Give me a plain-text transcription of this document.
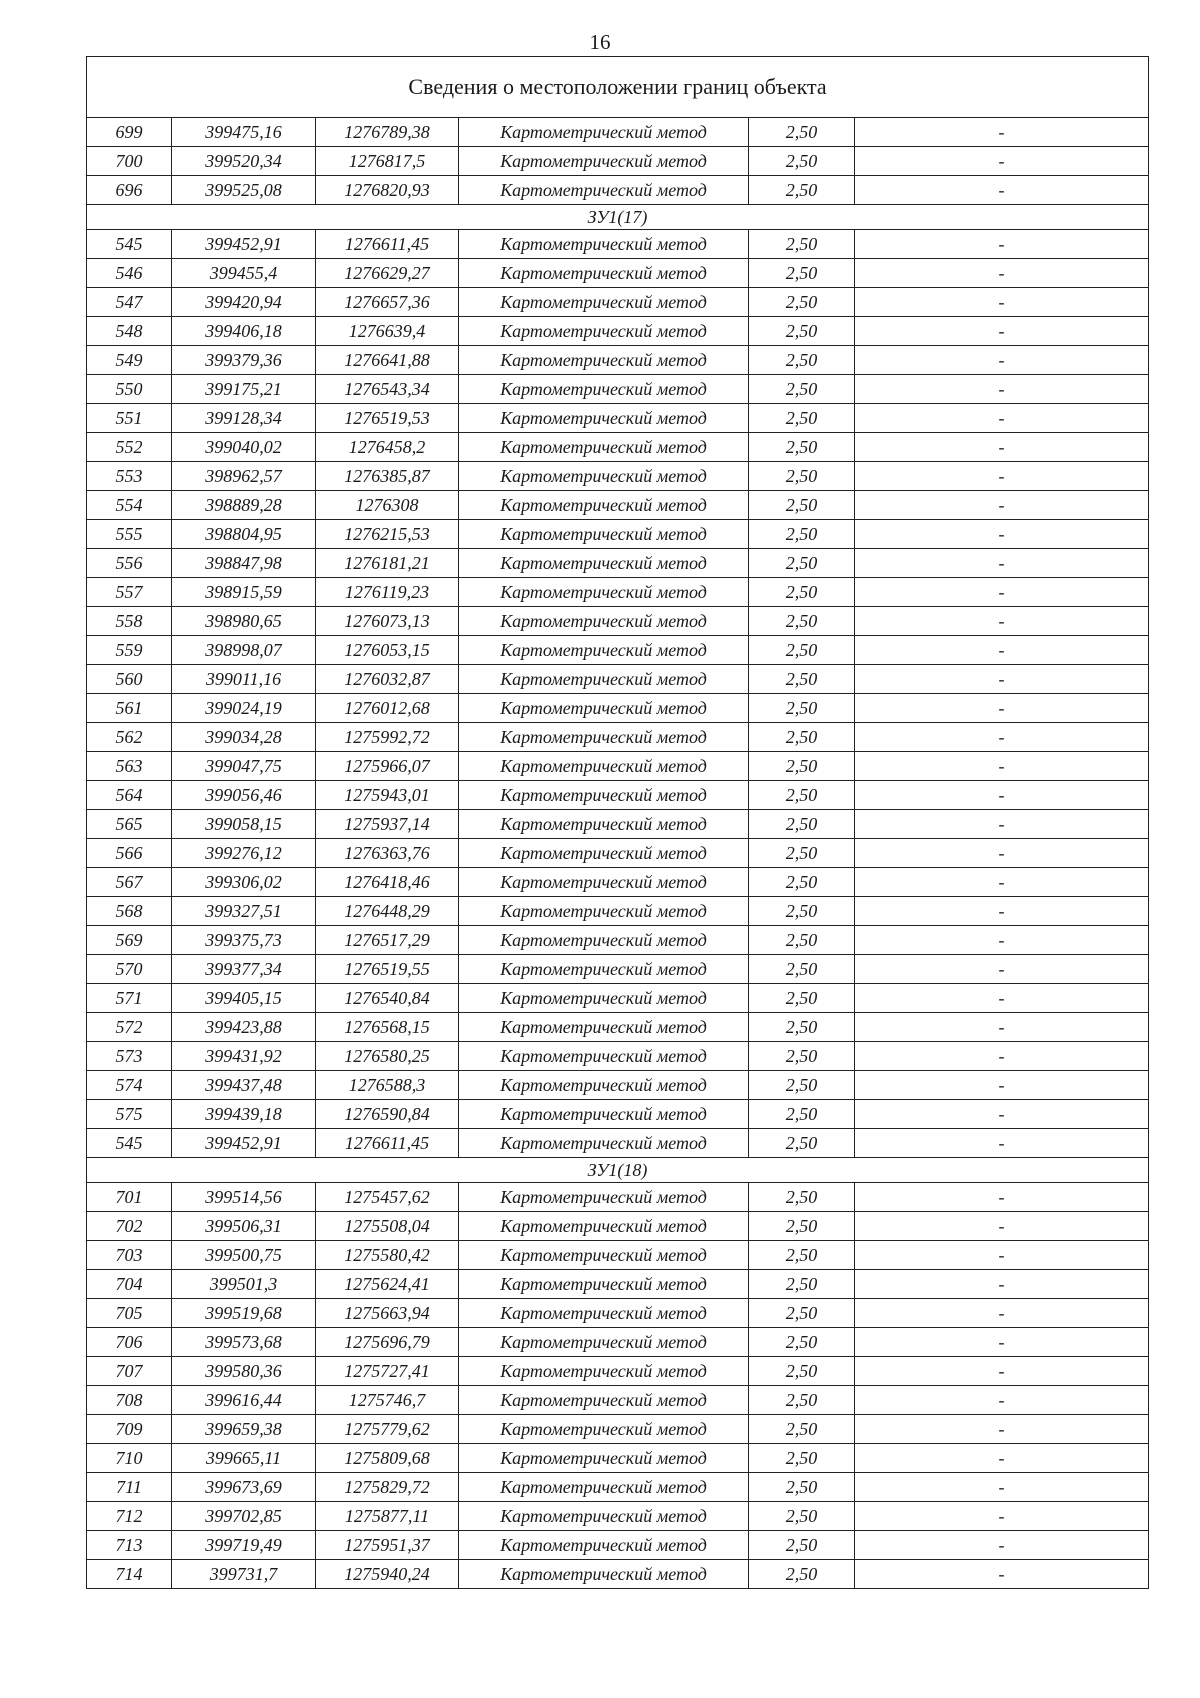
16
Сведения о местоположении границ объекта					
699	399475,16	1276789,38	Картометрический метод	2,50	-
700	399520,34	1276817,5	Картометрический метод	2,50	-
696	399525,08	1276820,93	Картометрический метод	2,50	-
ЗУ1(17)					
545	399452,91	1276611,45	Картометрический метод	2,50	-
546	399455,4	1276629,27	Картометрический метод	2,50	-
547	399420,94	1276657,36	Картометрический метод	2,50	-
548	399406,18	1276639,4	Картометрический метод	2,50	-
549	399379,36	1276641,88	Картометрический метод	2,50	-
550	399175,21	1276543,34	Картометрический метод	2,50	-
551	399128,34	1276519,53	Картометрический метод	2,50	-
552	399040,02	1276458,2	Картометрический метод	2,50	-
553	398962,57	1276385,87	Картометрический метод	2,50	-
554	398889,28	1276308	Картометрический метод	2,50	-
555	398804,95	1276215,53	Картометрический метод	2,50	-
556	398847,98	1276181,21	Картометрический метод	2,50	-
557	398915,59	1276119,23	Картометрический метод	2,50	-
558	398980,65	1276073,13	Картометрический метод	2,50	-
559	398998,07	1276053,15	Картометрический метод	2,50	-
560	399011,16	1276032,87	Картометрический метод	2,50	-
561	399024,19	1276012,68	Картометрический метод	2,50	-
562	399034,28	1275992,72	Картометрический метод	2,50	-
563	399047,75	1275966,07	Картометрический метод	2,50	-
564	399056,46	1275943,01	Картометрический метод	2,50	-
565	399058,15	1275937,14	Картометрический метод	2,50	-
566	399276,12	1276363,76	Картометрический метод	2,50	-
567	399306,02	1276418,46	Картометрический метод	2,50	-
568	399327,51	1276448,29	Картометрический метод	2,50	-
569	399375,73	1276517,29	Картометрический метод	2,50	-
570	399377,34	1276519,55	Картометрический метод	2,50	-
571	399405,15	1276540,84	Картометрический метод	2,50	-
572	399423,88	1276568,15	Картометрический метод	2,50	-
573	399431,92	1276580,25	Картометрический метод	2,50	-
574	399437,48	1276588,3	Картометрический метод	2,50	-
575	399439,18	1276590,84	Картометрический метод	2,50	-
545	399452,91	1276611,45	Картометрический метод	2,50	-
ЗУ1(18)					
701	399514,56	1275457,62	Картометрический метод	2,50	-
702	399506,31	1275508,04	Картометрический метод	2,50	-
703	399500,75	1275580,42	Картометрический метод	2,50	-
704	399501,3	1275624,41	Картометрический метод	2,50	-
705	399519,68	1275663,94	Картометрический метод	2,50	-
706	399573,68	1275696,79	Картометрический метод	2,50	-
707	399580,36	1275727,41	Картометрический метод	2,50	-
708	399616,44	1275746,7	Картометрический метод	2,50	-
709	399659,38	1275779,62	Картометрический метод	2,50	-
710	399665,11	1275809,68	Картометрический метод	2,50	-
711	399673,69	1275829,72	Картометрический метод	2,50	-
712	399702,85	1275877,11	Картометрический метод	2,50	-
713	399719,49	1275951,37	Картометрический метод	2,50	-
714	399731,7	1275940,24	Картометрический метод	2,50	-
